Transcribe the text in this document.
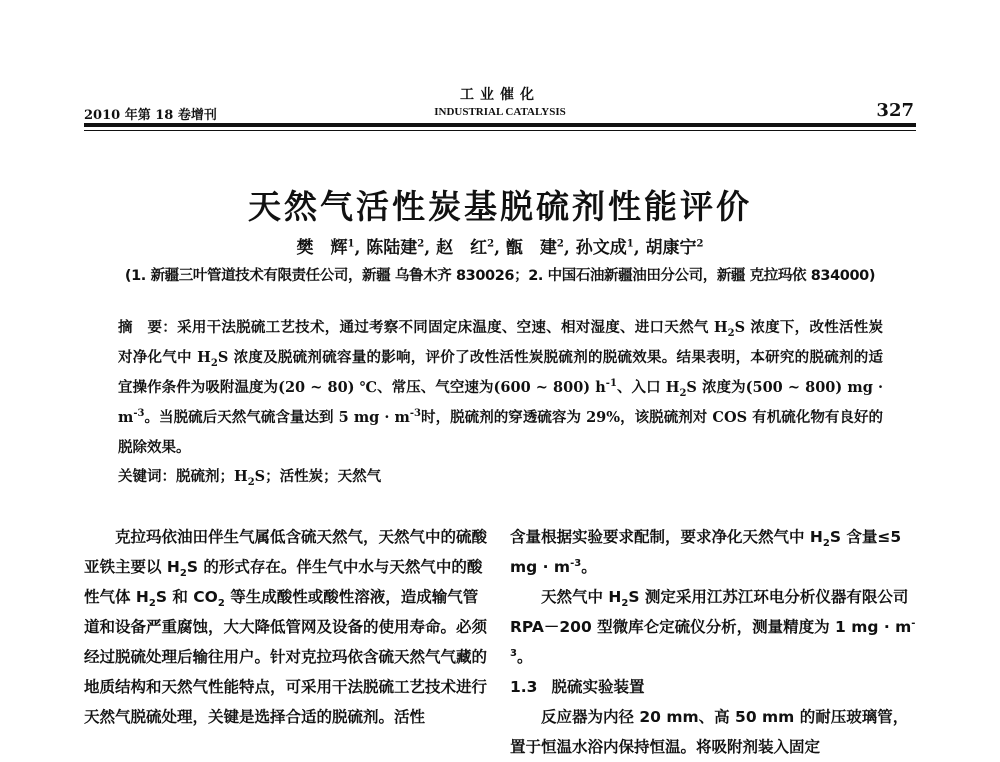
2010 年第 18 卷增刊
工业催化
INDUSTRIAL CATALYSIS	327
天然气活性炭基脱硫剂性能评价
樊　辉$^1$, 陈陆建$^2$, 赵　红$^2$, 甑　建$^2$, 孙文成$^1$, 胡康宁$^2$
(1. 新疆三叶管道技术有限责任公司，新疆 乌鲁木齐 830026；2. 中国石油新疆油田分公司，新疆 克拉玛依 834000)
摘　要：采用干法脱硫工艺技术，通过考察不同固定床温度、空速、相对湿度、进口天然气 $H_2S$ 浓度下，改性活性炭对净化气中 $H_2S$ 浓度及脱硫剂硫容量的影响，评价了改性活性炭脱硫剂的脱硫效果。结果表明，本研究的脱硫剂的适宜操作条件为吸附温度为(20 ~ 80) ℃、常压、气空速为(600 ~ 800) $h^{-1}$、入口 $H_2S$ 浓度为(500 ~ 800) mg · $m^{-3}$。当脱硫后天然气硫含量达到 5 mg · $m^{-3}$时，脱硫剂的穿透硫容为 29%，该脱硫剂对 COS 有机硫化物有良好的脱除效果。
关键词：脱硫剂；$H_2S$；活性炭；天然气

克拉玛依油田伴生气属低含硫天然气，天然气中的硫酸亚铁主要以 $H_2S$ 的形式存在。伴生气中水与天然气中的酸性气体 $H_2S$ 和 $CO_2$ 等生成酸性或酸性溶液，造成输气管道和设备严重腐蚀，大大降低管网及设备的使用寿命。必须经过脱硫处理后输往用户。针对克拉玛依含硫天然气气藏的地质结构和天然气性能特点，可采用干法脱硫工艺技术进行天然气脱硫处理，关键是选择合适的脱硫剂。活性

含量根据实验要求配制，要求净化天然气中 $H_2S$ 含量≤5 mg · $m^{-3}$。

天然气中 $H_2S$ 测定采用江苏江环电分析仪器有限公司 RPA－200 型微库仑定硫仪分析，测量精度为 1 mg · $m^{-3}$。

1.3 脱硫实验装置

反应器为内径 20 mm、高 50 mm 的耐压玻璃管，置于恒温水浴内保持恒温。将吸附剂装入固定
